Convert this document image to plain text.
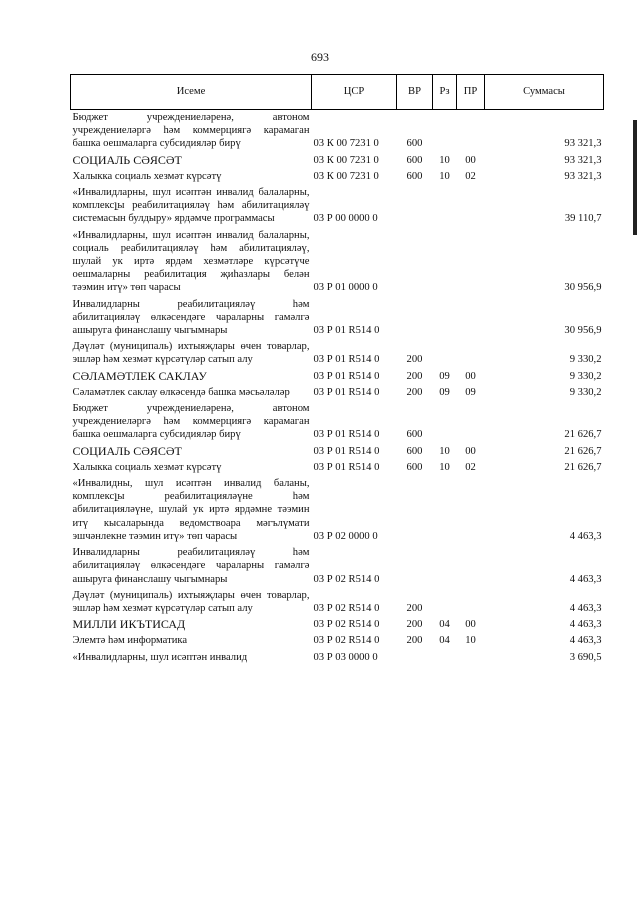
693
Исеме	ЦСР	ВР	Рз	ПР	Суммасы
Бюджет учреждениеләренә, автоном учреждениеләргә һәм коммерциягә карамаган башка оешмаларга субсидияләр бирү	03 К 00 7231 0	600			93 321,3
СОЦИАЛЬ СӘЯСӘТ	03 К 00 7231 0	600	10	00	93 321,3
Халыкка социаль хезмәт күрсәтү	03 К 00 7231 0	600	10	02	93 321,3
«Инвалидларны, шул исәптән инвалид балаларны, комплексլы реабилитацияләү һәм абилитацияләү системасын булдыру» ярдәмче программасы	03 Р 00 0000 0				39 110,7
«Инвалидларны, шул исәптән инвалид балаларны, социаль реабилитацияләү һәм абилитацияләү, шулай ук иртә ярдәм хезмәтләре күрсәтүче оешмаларны реабилитация җиһазлары белән тәэмин итү» төп чарасы	03 Р 01 0000 0				30 956,9
Инвалидларны реабилитацияләү һәм абилитацияләү өлкәсендәге чараларны гамәлгә ашыруга финанслашу чыгымнары	03 Р 01 R514 0				30 956,9
Дәүләт (муниципаль) ихтыяҗлары өчен товарлар, эшләр һәм хезмәт күрсәтүләр сатып алу	03 Р 01 R514 0	200			9 330,2
СӘЛАМӘТЛЕК САКЛАУ	03 Р 01 R514 0	200	09	00	9 330,2
Сәламәтлек саклау өлкәсендә башка мәсьәләләр	03 Р 01 R514 0	200	09	09	9 330,2
Бюджет учреждениеләренә, автоном учреждениеләргә һәм коммерциягә карамаган башка оешмаларга субсидияләр бирү	03 Р 01 R514 0	600			21 626,7
СОЦИАЛЬ СӘЯСӘТ	03 Р 01 R514 0	600	10	00	21 626,7
Халыкка социаль хезмәт күрсәтү	03 Р 01 R514 0	600	10	02	21 626,7
«Инвалидны, шул исәптән инвалид баланы, комплексլы реабилитацияләүне һәм абилитацияләүне, шулай ук иртә ярдәмне тәэмин итү кысаларында ведомствоара мәгълүмати эшчәнлекне тәэмин итү» төп чарасы	03 Р 02 0000 0				4 463,3
Инвалидларны реабилитацияләү һәм абилитацияләү өлкәсендәге чараларны гамәлгә ашыруга финанслашу чыгымнары	03 Р 02 R514 0				4 463,3
Дәүләт (муниципаль) ихтыяҗлары өчен товарлар, эшләр һәм хезмәт күрсәтүләр сатып алу	03 Р 02 R514 0	200			4 463,3
МИЛЛИ ИКЪТИСАД	03 Р 02 R514 0	200	04	00	4 463,3
Элемтә һәм информатика	03 Р 02 R514 0	200	04	10	4 463,3
«Инвалидларны, шул исәптән инвалид	03 Р 03 0000 0				3 690,5
